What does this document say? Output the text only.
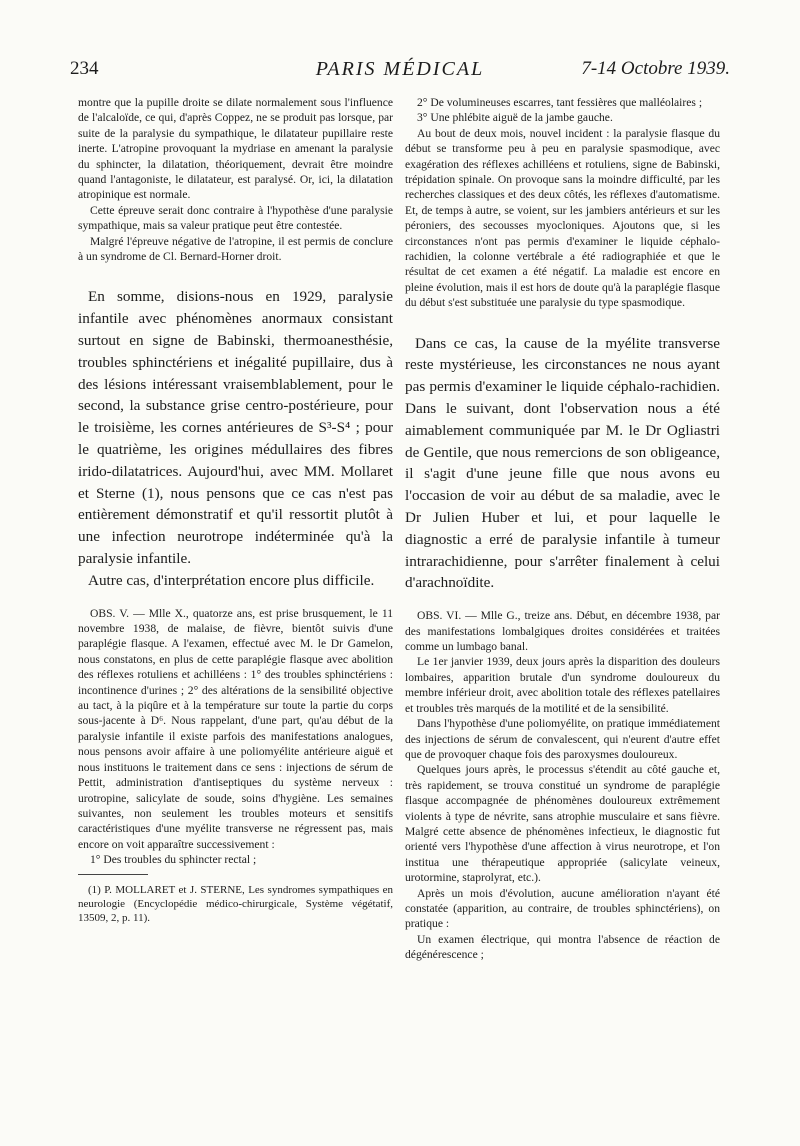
234	PARIS MÉDICAL	7-14 Octobre 1939.

montre que la pupille droite se dilate normalement sous l'influence de l'alcaloïde, ce qui, d'après Coppez, ne se produit pas lorsque, par suite de la paralysie du sympathique, le dilatateur pupillaire reste inerte. L'atropine provoquant la mydriase en amenant la paralysie du sphincter, la dilatation, théoriquement, devrait être moindre quand l'antagoniste, le dilatateur, est paralysé. Or, ici, la dilatation atropinique est normale.

Cette épreuve serait donc contraire à l'hypothèse d'une paralysie sympathique, mais sa valeur pratique peut être contestée.

Malgré l'épreuve négative de l'atropine, il est permis de conclure à un syndrome de Cl. Bernard-Horner droit.

En somme, disions-nous en 1929, paralysie infantile avec phénomènes anormaux consistant surtout en signe de Babinski, thermoanesthésie, troubles sphinctériens et inégalité pupillaire, dus à des lésions intéressant vraisemblablement, pour le second, la substance grise centro-postérieure, pour le troisième, les cornes antérieures de S³-S⁴ ; pour le quatrième, les origines médullaires des fibres irido-dilatatrices. Aujourd'hui, avec MM. Mollaret et Sterne (1), nous pensons que ce cas n'est pas entièrement démonstratif et qu'il ressortit plutôt à une infection neurotrope indéterminée qu'à la paralysie infantile.

Autre cas, d'interprétation encore plus difficile.

OBS. V. — Mlle X., quatorze ans, est prise brusquement, le 11 novembre 1938, de malaise, de fièvre, bientôt suivis d'une paraplégie flasque. A l'examen, effectué avec M. le Dr Gamelon, nous constatons, en plus de cette paraplégie flasque avec abolition des réflexes rotuliens et achilléens : 1° des troubles sphinctériens : incontinence d'urines ; 2° des altérations de la sensibilité objective au tact, à la piqûre et à la température sur toute la partie du corps sous-jacente à D⁶. Nous rappelant, d'une part, qu'au début de la paralysie infantile il existe parfois des manifestations analogues, nous pensons avoir affaire à une poliomyélite antérieure aiguë et nous instituons le traitement dans ce sens : injections de sérum de Pettit, administration d'antiseptiques du système nerveux : urotropine, salicylate de soude, soins d'hygiène. Les semaines suivantes, non seulement les troubles moteurs et sensitifs caractéristiques d'une myélite transverse ne régressent pas, mais encore on voit apparaître successivement :

1° Des troubles du sphincter rectal ;

(1) P. MOLLARET et J. STERNE, Les syndromes sympathiques en neurologie (Encyclopédie médico-chirurgicale, Système végétatif, 13509, 2, p. 11).

2° De volumineuses escarres, tant fessières que malléolaires ;

3° Une phlébite aiguë de la jambe gauche.

Au bout de deux mois, nouvel incident : la paralysie flasque du début se transforme peu à peu en paralysie spasmodique, avec exagération des réflexes achilléens et rotuliens, signe de Babinski, trépidation spinale. On provoque sans la moindre difficulté, par les recherches classiques et des deux côtés, les réflexes d'automatisme. Et, de temps à autre, se voient, sur les jambiers antérieurs et sur les péroniers, des secousses myocloniques. Ajoutons que, si les circonstances n'ont pas permis d'examiner le liquide céphalo-rachidien, la colonne vertébrale a été radiographiée et que le résultat de cet examen a été négatif. La maladie est encore en pleine évolution, mais il est hors de doute qu'à la paraplégie flasque du début s'est substituée une paralysie du type spasmodique.

Dans ce cas, la cause de la myélite transverse reste mystérieuse, les circonstances ne nous ayant pas permis d'examiner le liquide céphalo-rachidien. Dans le suivant, dont l'observation nous a été aimablement communiquée par M. le Dr Ogliastri de Gentile, que nous remercions de son obligeance, il s'agit d'une jeune fille que nous avons eu l'occasion de voir au début de sa maladie, avec le Dr Julien Huber et lui, et pour laquelle le diagnostic a erré de paralysie infantile à tumeur intrarachidienne, pour s'arrêter finalement à celui d'arachnoïdite.

OBS. VI. — Mlle G., treize ans. Début, en décembre 1938, par des manifestations lombalgiques droites considérées et traitées comme un lumbago banal.

Le 1er janvier 1939, deux jours après la disparition des douleurs lombaires, apparition brutale d'un syndrome douloureux du membre inférieur droit, avec abolition totale des réflexes patellaires et troubles très marqués de la motilité et de la sensibilité.

Dans l'hypothèse d'une poliomyélite, on pratique immédiatement des injections de sérum de convalescent, qui n'eurent d'autre effet que de provoquer chaque fois des paroxysmes douloureux.

Quelques jours après, le processus s'étendit au côté gauche et, très rapidement, se trouva constitué un syndrome de paraplégie flasque accompagnée de phénomènes douloureux extrêmement violents à type de névrite, sans atrophie musculaire et sans fièvre. Malgré cette absence de phénomènes infectieux, le diagnostic fut orienté vers l'hypothèse d'une affection à virus neurotrope, et l'on institua une thérapeutique appropriée (salicylate veineux, urotormine, staprolyrat, etc.).

Après un mois d'évolution, aucune amélioration n'ayant été constatée (apparition, au contraire, de troubles sphinctériens), on pratique :

Un examen électrique, qui montra l'absence de réaction de dégénérescence ;
